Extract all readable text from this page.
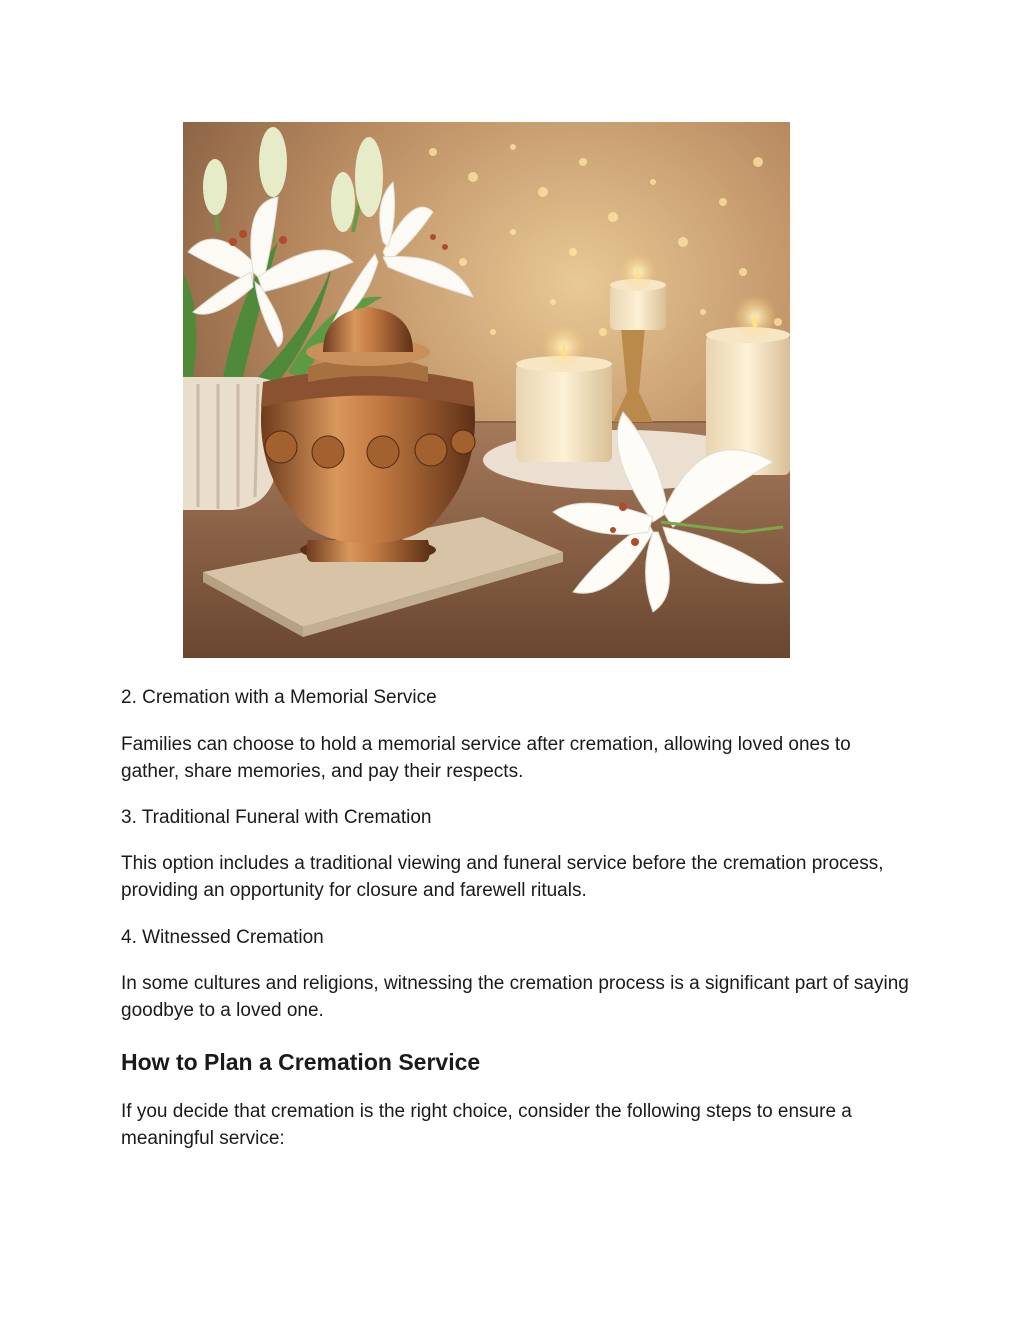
2. Cremation with a Memorial Service

Families can choose to hold a memorial service after cremation, allowing loved ones to gather, share memories, and pay their respects.

3. Traditional Funeral with Cremation

This option includes a traditional viewing and funeral service before the cremation process, providing an opportunity for closure and farewell rituals.

4. Witnessed Cremation

In some cultures and religions, witnessing the cremation process is a significant part of saying goodbye to a loved one.

How to Plan a Cremation Service

If you decide that cremation is the right choice, consider the following steps to ensure a meaningful service:
